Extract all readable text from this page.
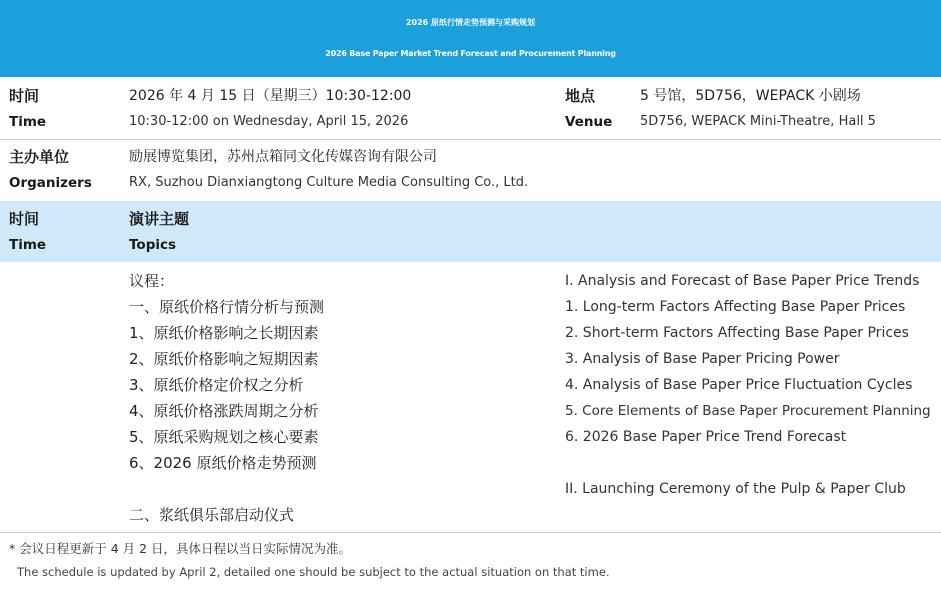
2026 原纸行情走势预测与采购规划
2026 Base Paper Market Trend Forecast and Procurement Planning
时间
Time
2026 年 4 月 15 日（星期三）10:30-12:00
10:30-12:00 on Wednesday, April 15, 2026
地点
Venue
5 号馆，5D756，WEPACK 小剧场
5D756, WEPACK Mini-Theatre, Hall 5
主办单位
Organizers
励展博览集团，苏州点箱同文化传媒咨询有限公司
RX, Suzhou Dianxiangtong Culture Media Consulting Co., Ltd.
时间
Time
演讲主题
Topics
议程：
一、原纸价格行情分析与预测
1、原纸价格影响之长期因素
2、原纸价格影响之短期因素
3、原纸价格定价权之分析
4、原纸价格涨跌周期之分析
5、原纸采购规划之核心要素
6、2026 原纸价格走势预测
二、浆纸俱乐部启动仪式
I. Analysis and Forecast of Base Paper Price Trends
1. Long-term Factors Affecting Base Paper Prices
2. Short-term Factors Affecting Base Paper Prices
3. Analysis of Base Paper Pricing Power
4. Analysis of Base Paper Price Fluctuation Cycles
5. Core Elements of Base Paper Procurement Planning
6. 2026 Base Paper Price Trend Forecast
II. Launching Ceremony of the Pulp & Paper Club
* 会议日程更新于 4 月 2 日，具体日程以当日实际情况为准。
The schedule is updated by April 2, detailed one should be subject to the actual situation on that time.
